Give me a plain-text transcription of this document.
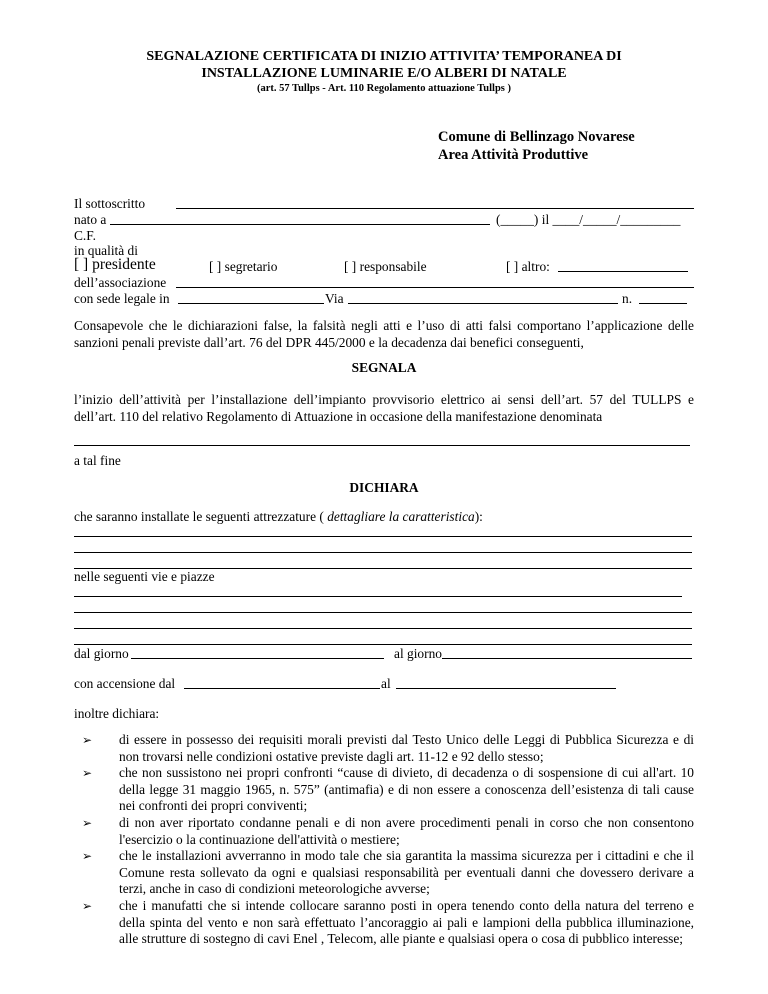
SEGNALAZIONE CERTIFICATA DI INIZIO ATTIVITA’ TEMPORANEA DI
INSTALLAZIONE LUMINARIE E/O ALBERI DI NATALE
(art. 57 Tullps - Art. 110 Regolamento attuazione Tullps )
Comune di Bellinzago Novarese
Area Attività Produttive
Il sottoscritto
nato a	(_____) il ____/_____/_________
C.F.
in qualità di
[ ] presidente	[ ] segretario	[ ] responsabile	[ ] altro:
dell’associazione
con sede legale in	Via	n.
Consapevole che le dichiarazioni false, la falsità negli atti e l’uso di atti falsi comportano l’applicazione delle sanzioni penali previste dall’art. 76 del DPR 445/2000 e la decadenza dai benefici conseguenti,
SEGNALA
l’inizio dell’attività per l’installazione dell’impianto provvisorio elettrico ai sensi dell’art. 57 del TULLPS e dell’art. 110 del relativo Regolamento di Attuazione in occasione della manifestazione denominata
a tal fine
DICHIARA
che saranno installate le seguenti attrezzature ( dettagliare la caratteristica):
nelle seguenti vie e piazze
dal giorno	al giorno
con accensione dal	al
inoltre dichiara:
➢ di essere in possesso dei requisiti morali previsti dal Testo Unico delle Leggi di Pubblica Sicurezza e di non trovarsi nelle condizioni ostative previste dagli art. 11-12 e 92 dello stesso;
➢ che non sussistono nei propri confronti “cause di divieto, di decadenza o di sospensione di cui all'art. 10 della legge 31 maggio 1965, n. 575” (antimafia) e di non essere a conoscenza dell’esistenza di tali cause nei confronti dei propri conviventi;
➢ di non aver riportato condanne penali e di non avere procedimenti penali in corso che non consentono l'esercizio o la continuazione dell'attività o mestiere;
➢ che le installazioni avverranno in modo tale che sia garantita la massima sicurezza per i cittadini e che il Comune resta sollevato da ogni e qualsiasi responsabilità per eventuali danni che dovessero derivare a terzi, anche in caso di condizioni meteorologiche avverse;
➢ che i manufatti che si intende collocare saranno posti in opera tenendo conto della natura del terreno e della spinta del vento e non sarà effettuato l’ancoraggio ai pali e lampioni della pubblica illuminazione, alle strutture di sostegno di cavi Enel , Telecom, alle piante e qualsiasi opera o cosa di pubblico interesse;
